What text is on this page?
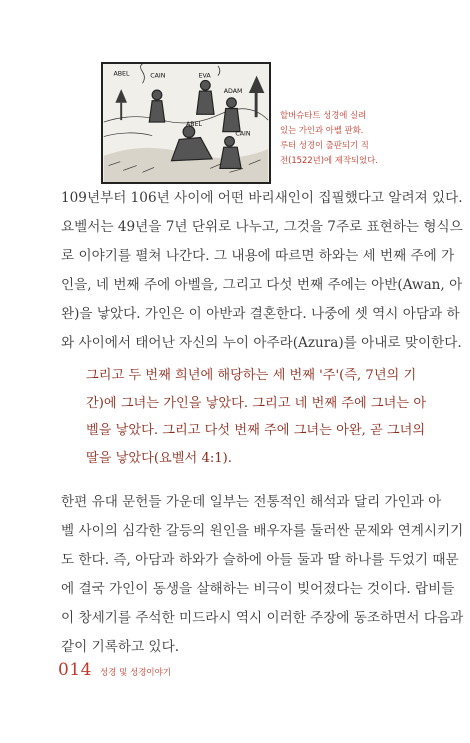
ABEL	CAIN	EVA
ADAM
ABEL
CAIN
할버슈타트 성경에 실려
있는 가인과 아벨 판화.
루터 성경이 출판되기 직
전(1522년)에 제작되었다.
109년부터 106년 사이에 어떤 바리새인이 집필했다고 알려져 있다.
요벨서는 49년을 7년 단위로 나누고, 그것을 7주로 표현하는 형식으
로 이야기를 펼쳐 나간다. 그 내용에 따르면 하와는 세 번째 주에 가
인을, 네 번째 주에 아벨을, 그리고 다섯 번째 주에는 아반(Awan, 아
완)을 낳았다. 가인은 이 아반과 결혼한다. 나중에 셋 역시 아담과 하
와 사이에서 태어난 자신의 누이 아주라(Azura)를 아내로 맞이한다.
그리고 두 번째 희년에 해당하는 세 번째 '주'(즉, 7년의 기
간)에 그녀는 가인을 낳았다. 그리고 네 번째 주에 그녀는 아
벨을 낳았다. 그리고 다섯 번째 주에 그녀는 아완, 곧 그녀의
딸을 낳았다(요벨서 4:1).
한편 유대 문헌들 가운데 일부는 전통적인 해석과 달리 가인과 아
벨 사이의 심각한 갈등의 원인을 배우자를 둘러싼 문제와 연계시키기
도 한다. 즉, 아담과 하와가 슬하에 아들 둘과 딸 하나를 두었기 때문
에 결국 가인이 동생을 살해하는 비극이 빚어졌다는 것이다. 랍비들
이 창세기를 주석한 미드라시 역시 이러한 주장에 동조하면서 다음과
같이 기록하고 있다.
014 성경 및 성경이야기
